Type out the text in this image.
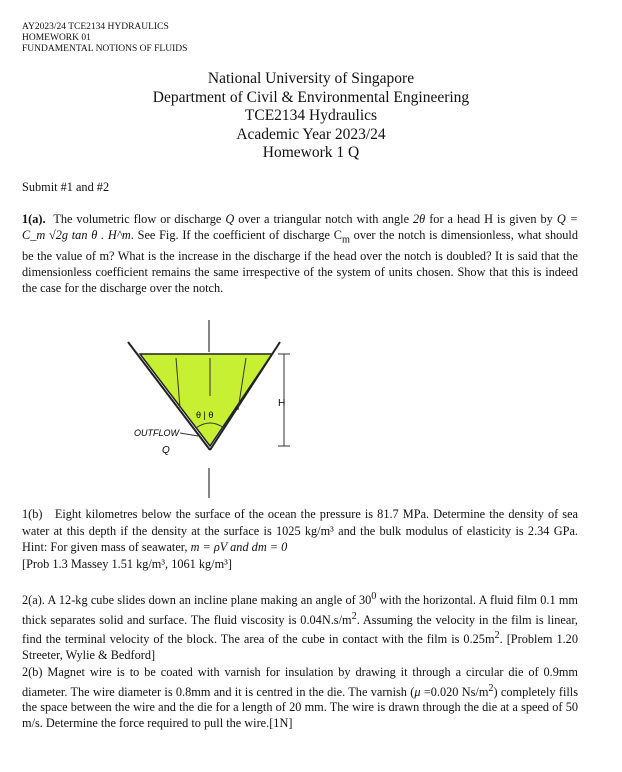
AY2023/24 TCE2134 HYDRAULICS
HOMEWORK 01
FUNDAMENTAL NOTIONS OF FLUIDS
National University of Singapore
Department of Civil & Environmental Engineering
TCE2134 Hydraulics
Academic Year 2023/24
Homework 1 Q

Submit #1 and #2

1(a). The volumetric flow or discharge Q over a triangular notch with angle 2θ for a head H is given by Q = C_m √2g tan θ . H^m. See Fig. If the coefficient of discharge $C_m$ over the notch is dimensionless, what should be the value of m? What is the increase in the discharge if the head over the notch is doubled? It is said that the dimensionless coefficient remains the same irrespective of the system of units chosen. Show that this is indeed the case for the discharge over the notch.

H
θ | θ
OUTFLOW
Q

1(b) Eight kilometres below the surface of the ocean the pressure is 81.7 MPa. Determine the density of sea water at this depth if the density at the surface is 1025 kg/m³ and the bulk modulus of elasticity is 2.34 GPa. Hint: For given mass of seawater, m = ρV and dm = 0

[Prob 1.3 Massey 1.51 kg/m³, 1061 kg/m³]

2(a). A 12-kg cube slides down an incline plane making an angle of $30^0$ with the horizontal. A fluid film 0.1 mm thick separates solid and surface. The fluid viscosity is $0.04N.s/m^2$. Assuming the velocity in the film is linear, find the terminal velocity of the block. The area of the cube in contact with the film is $0.25m^2$. [Problem 1.20 Streeter, Wylie & Bedford]

2(b) Magnet wire is to be coated with varnish for insulation by drawing it through a circular die of 0.9mm diameter. The wire diameter is 0.8mm and it is centred in the die. The varnish (μ =0.020 $Ns/m^2$) completely fills the space between the wire and the die for a length of 20 mm. The wire is drawn through the die at a speed of 50 m/s. Determine the force required to pull the wire.[1N]
